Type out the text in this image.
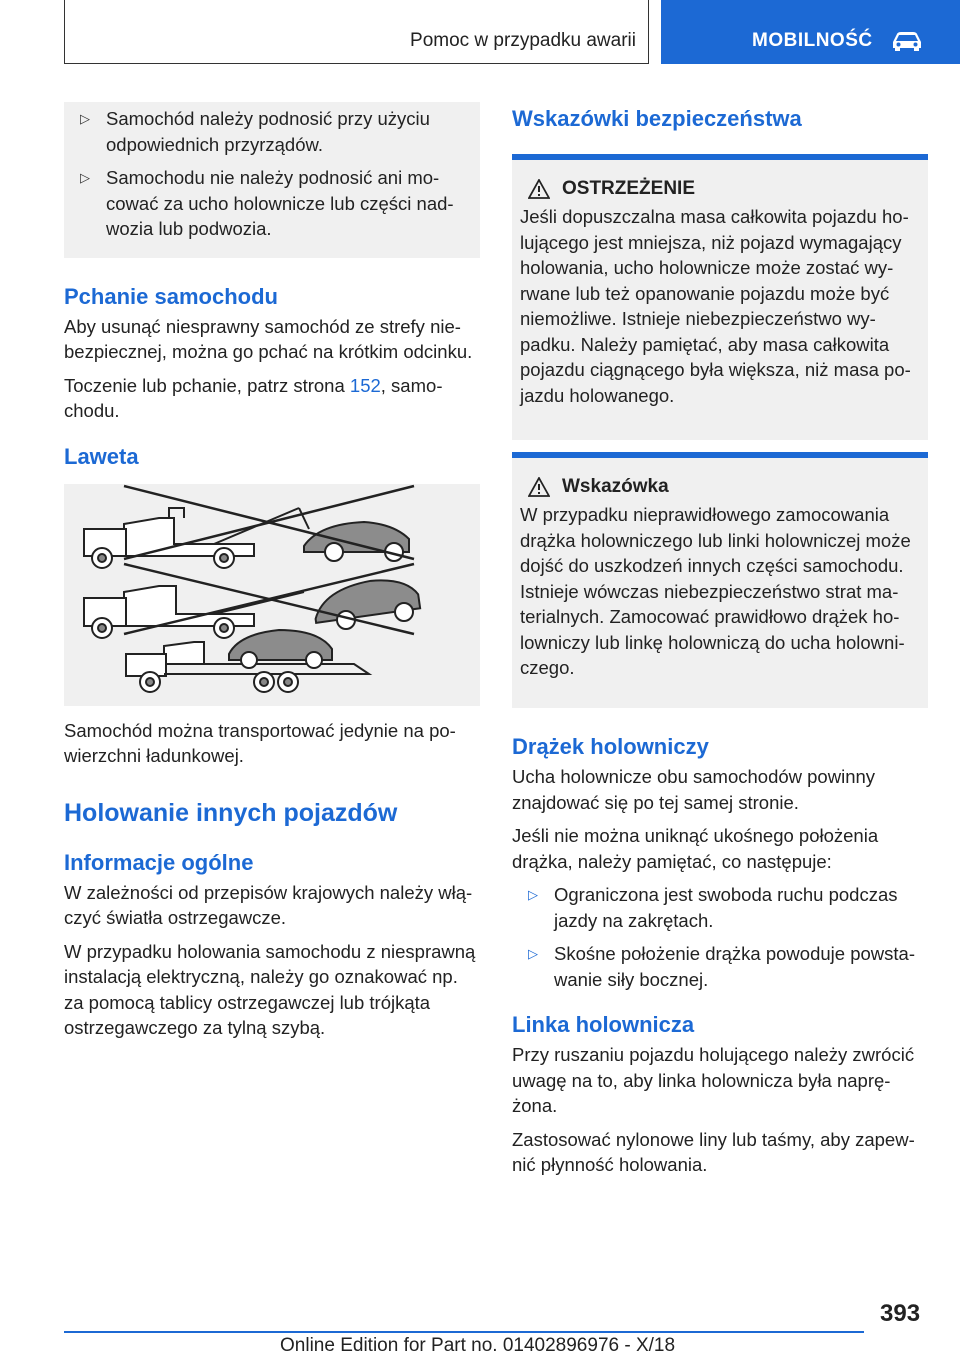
Pomoc w przypadku awarii	MOBILNOŚĆ
▷ Samochód należy podnosić przy użyciu odpowiednich przyrządów.
▷ Samochodu nie należy podnosić ani mocować za ucho holownicze lub części nadwozia lub podwozia.
Pchanie samochodu

Aby usunąć niesprawny samochód ze strefy niebezpiecznej, można go pchać na krótkim odcinku.

Toczenie lub pchanie, patrz strona 152, samochodu.

Laweta

Samochód można transportować jedynie na powierzchni ładunkowej.

Holowanie innych pojazdów
Informacje ogólne

W zależności od przepisów krajowych należy włączyć światła ostrzegawcze.

W przypadku holowania samochodu z niesprawną instalacją elektryczną, należy go oznakować np. za pomocą tablicy ostrzegawczej lub trójkąta ostrzegawczego za tylną szybą.

Wskazówki bezpieczeństwa
OSTRZEŻENIE
Jeśli dopuszczalna masa całkowita pojazdu holującego jest mniejsza, niż pojazd wymagający holowania, ucho holownicze może zostać wyrwane lub też opanowanie pojazdu może być niemożliwe. Istnieje niebezpieczeństwo wypadku. Należy pamiętać, aby masa całkowita pojazdu ciągnącego była większa, niż masa pojazdu holowanego.
Wskazówka
W przypadku nieprawidłowego zamocowania drążka holowniczego lub linki holowniczej może dojść do uszkodzeń innych części samochodu. Istnieje wówczas niebezpieczeństwo strat materialnych. Zamocować prawidłowo drążek holowniczy lub linkę holowniczą do ucha holowniczego.
Drążek holowniczy

Ucha holownicze obu samochodów powinny znajdować się po tej samej stronie.

Jeśli nie można uniknąć ukośnego położenia drążka, należy pamiętać, co następuje:

▷ Ograniczona jest swoboda ruchu podczas jazdy na zakrętach.
▷ Skośne położenie drążka powoduje powstawanie siły bocznej.
Linka holownicza

Przy ruszaniu pojazdu holującego należy zwrócić uwagę na to, aby linka holownicza była naprężona.

Zastosować nylonowe liny lub taśmy, aby zapewnić płynność holowania.

393
Online Edition for Part no. 01402896976 - X/18
